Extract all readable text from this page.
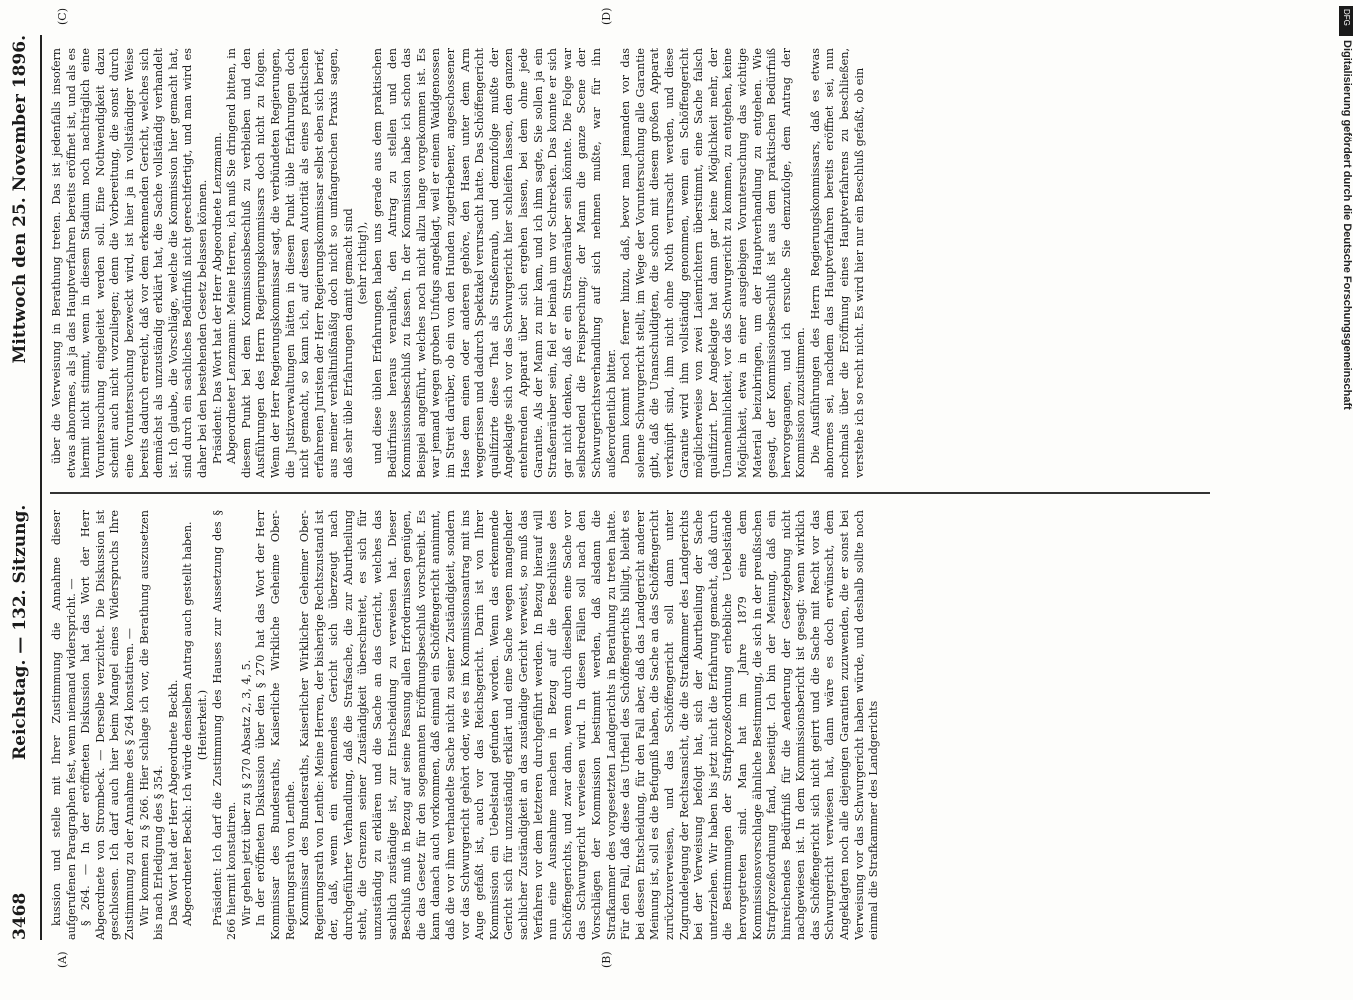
3468
Reichstag. — 132. Sitzung.
Mittwoch den 25. November 1896.
(A)	(B)
(C)	(D)

kussion und stelle mit Ihrer Zustimmung die Annahme dieser aufgerufenen Paragraphen fest, wenn niemand widerspricht. — § 264. — In der eröffneten Diskussion hat das Wort der Herr Abgeordnete von Strombeck. — Derselbe verzichtet. Die Diskussion ist geschlossen. Ich darf auch hier beim Mangel eines Widerspruchs Ihre Zustimmung zu der Annahme des § 264 konstatiren. — Wir kommen zu § 266. Hier schlage ich vor, die Berathung auszusetzen bis nach Erledigung des § 354. Das Wort hat der Herr Abgeordnete Beckh. Abgeordneter Beckh: Ich würde denselben Antrag auch gestellt haben. (Heiterkeit.) Präsident: Ich darf die Zustimmung des Hauses zur Aussetzung des § 266 hiermit konstatiren. Wir gehen jetzt über zu § 270 Absatz 2, 3, 4, 5. In der eröffneten Diskussion über den § 270 hat das Wort der Herr Kommissar des Bundesraths, Kaiserliche Wirkliche Geheime Ober-Regierungsrath von Lenthe. Kommissar des Bundesraths, Kaiserlicher Wirklicher Geheimer Ober-Regierungsrath von Lenthe: Meine Herren, der bisherige Rechtszustand ist der, daß, wenn ein erkennendes Gericht sich überzeugt nach durchgeführter Verhandlung, daß die Strafsache, die zur Aburtheilung steht, die Grenzen seiner Zuständigkeit überschreitet, es sich für unzuständig zu erklären und die Sache an das Gericht, welches das sachlich zuständige ist, zur Entscheidung zu verweisen hat. Dieser Beschluß muß in Bezug auf seine Fassung allen Erfordernissen genügen, die das Gesetz für den sogenannten Eröffnungsbeschluß vorschreibt. Es kann danach auch vorkommen, daß einmal ein Schöffengericht annimmt, daß die vor ihm verhandelte Sache nicht zu seiner Zuständigkeit, sondern vor das Schwurgericht gehört oder, wie es im Kommissionsantrag mit ins Auge gefaßt ist, auch vor das Reichsgericht. Darin ist von Ihrer Kommission ein Uebelstand gefunden worden. Wenn das erkennende Gericht sich für unzuständig erklärt und eine Sache wegen mangelnder sachlicher Zuständigkeit an das zuständige Gericht verweist, so muß das Verfahren vor dem letzteren durchgeführt werden. In Bezug hierauf will nun eine Ausnahme machen in Bezug auf die Beschlüsse des Schöffengerichts, und zwar dann, wenn durch dieselben eine Sache vor das Schwurgericht verwiesen wird. In diesen Fällen soll nach den Vorschlägen der Kommission bestimmt werden, daß alsdann die Strafkammer des vorgesetzten Landgerichts in Berathung zu treten hatte. Für den Fall, daß diese das Urtheil des Schöffengerichts billigt, bleibt es bei dessen Entscheidung, für den Fall aber, daß das Landgericht anderer Meinung ist, soll es die Befugniß haben, die Sache an das Schöffengericht zurückzuverweisen, und das Schöffengericht soll dann unter Zugrundelegung der Rechtsansicht, die die Strafkammer des Landgerichts bei der Verweisung befolgt hat, sich der Aburtheilung der Sache unterziehen. Wir haben bis jetzt nicht die Erfahrung gemacht, daß durch die Bestimmungen der Strafprozeßordnung erhebliche Uebelstände hervorgetreten sind. Man hat im Jahre 1879 eine dem Kommissionsvorschlage ähnliche Bestimmung, die sich in der preußischen Strafprozeßordnung fand, beseitigt. Ich bin der Meinung, daß ein hinreichendes Bedürfniß für die Aenderung der Gesetzgebung nicht nachgewiesen ist. In dem Kommissionsbericht ist gesagt: wenn wirklich das Schöffengericht sich nicht geirrt und die Sache mit Recht vor das Schwurgericht verwiesen hat, dann wäre es doch erwünscht, dem Angeklagten noch alle diejenigen Garantien zuzuwenden, die er sonst bei Verweisung vor das Schwurgericht haben würde, und deshalb sollte noch einmal die Strafkammer des Landgerichts

über die Verweisung in Berathung treten. Das ist jedenfalls insofern etwas abnormes, als ja das Hauptverfahren bereits eröffnet ist, und als es hiermit nicht stimmt, wenn in diesem Stadium noch nachträglich eine Voruntersuchung eingeleitet werden soll. Eine Nothwendigkeit dazu scheint auch nicht vorzuliegen; denn die Vorbereitung, die sonst durch eine Voruntersuchung bezweckt wird, ist hier ja in vollständiger Weise bereits dadurch erreicht, daß vor dem erkennenden Gericht, welches sich demnächst als unzuständig erklärt hat, die Sache vollständig verhandelt ist. Ich glaube, die Vorschläge, welche die Kommission hier gemacht hat, sind durch ein sachliches Bedürfniß nicht gerechtfertigt, und man wird es daher bei den bestehenden Gesetz belassen können. Präsident: Das Wort hat der Herr Abgeordnete Lenzmann. Abgeordneter Lenzmann: Meine Herren, ich muß Sie dringend bitten, in diesem Punkt bei dem Kommissionsbeschluß zu verbleiben und den Ausführungen des Herrn Regierungskommissars doch nicht zu folgen. Wenn der Herr Regierungskommissar sagt, die verbündeten Regierungen, die Justizverwaltungen hätten in diesem Punkt üble Erfahrungen doch nicht gemacht, so kann ich, auf dessen Autorität als eines praktischen erfahrenen Juristen der Herr Regierungskommissar selbst eben sich berief, aus meiner verhältnißmäßig doch nicht so umfangreichen Praxis sagen, daß sehr üble Erfahrungen damit gemacht sind (sehr richtig!), und diese üblen Erfahrungen haben uns gerade aus dem praktischen Bedürfnisse heraus veranlaßt, den Antrag zu stellen und den Kommissionsbeschluß zu fassen. In der Kommission habe ich schon das Beispiel angeführt, welches noch nicht allzu lange vorgekommen ist. Es war jemand wegen groben Unfugs angeklagt, weil er einem Waidgenossen im Streit darüber, ob ein von den Hunden zugetriebener, angeschossener Hase dem einen oder anderen gehöre, den Hasen unter dem Arm weggerissen und dadurch Spektakel verursacht hatte. Das Schöffengericht qualifizirte diese That als Straßenraub, und demzufolge mußte der Angeklagte sich vor das Schwurgericht hier schleifen lassen, den ganzen entehrenden Apparat über sich ergehen lassen, bei dem ohne jede Garantie. Als der Mann zu mir kam, und ich ihm sagte, Sie sollen ja ein Straßenräuber sein, fiel er beinah um vor Schrecken. Das konnte er sich gar nicht denken, daß er ein Straßenräuber sein könnte. Die Folge war selbstredend die Freisprechung; der Mann die ganze Scene der Schwurgerichtsverhandlung auf sich nehmen mußte, war für ihn außerordentlich bitter. Dann kommt noch ferner hinzu, daß, bevor man jemanden vor das solenne Schwurgericht stellt, im Wege der Voruntersuchung alle Garantie gibt, daß die Unanschuldigten, die schon mit diesem großen Apparat verknüpft sind, ihm nicht ohne Noth verursacht werden, und diese Garantie wird ihm vollständig genommen, wenn ein Schöffengericht möglicherweise von zwei Laienrichtern überstimmt, eine Sache falsch qualifizirt. Der Angeklagte hat dann gar keine Möglichkeit mehr, der Unannehmlichkeit, vor das Schwurgericht zu kommen, zu entgehen, keine Möglichkeit, etwa in einer ausgiebigen Voruntersuchung das wichtige Material beizubringen, um der Hauptverhandlung zu entgehen. Wie gesagt, der Kommissionsbeschluß ist aus dem praktischen Bedürfniß hervorgegangen, und ich ersuche Sie demzufolge, dem Antrag der Kommission zuzustimmen. Die Ausführungen des Herrn Regierungskommissars, daß es etwas abnormes sei, nachdem das Hauptverfahren bereits eröffnet sei, nun nochmals über die Eröffnung eines Hauptverfahrens zu beschließen, verstehe ich so recht nicht. Es wird hier nur ein Beschluß gefaßt, ob ein

DFG
Digitalisierung gefördert durch die Deutsche Forschungsgemeinschaft
